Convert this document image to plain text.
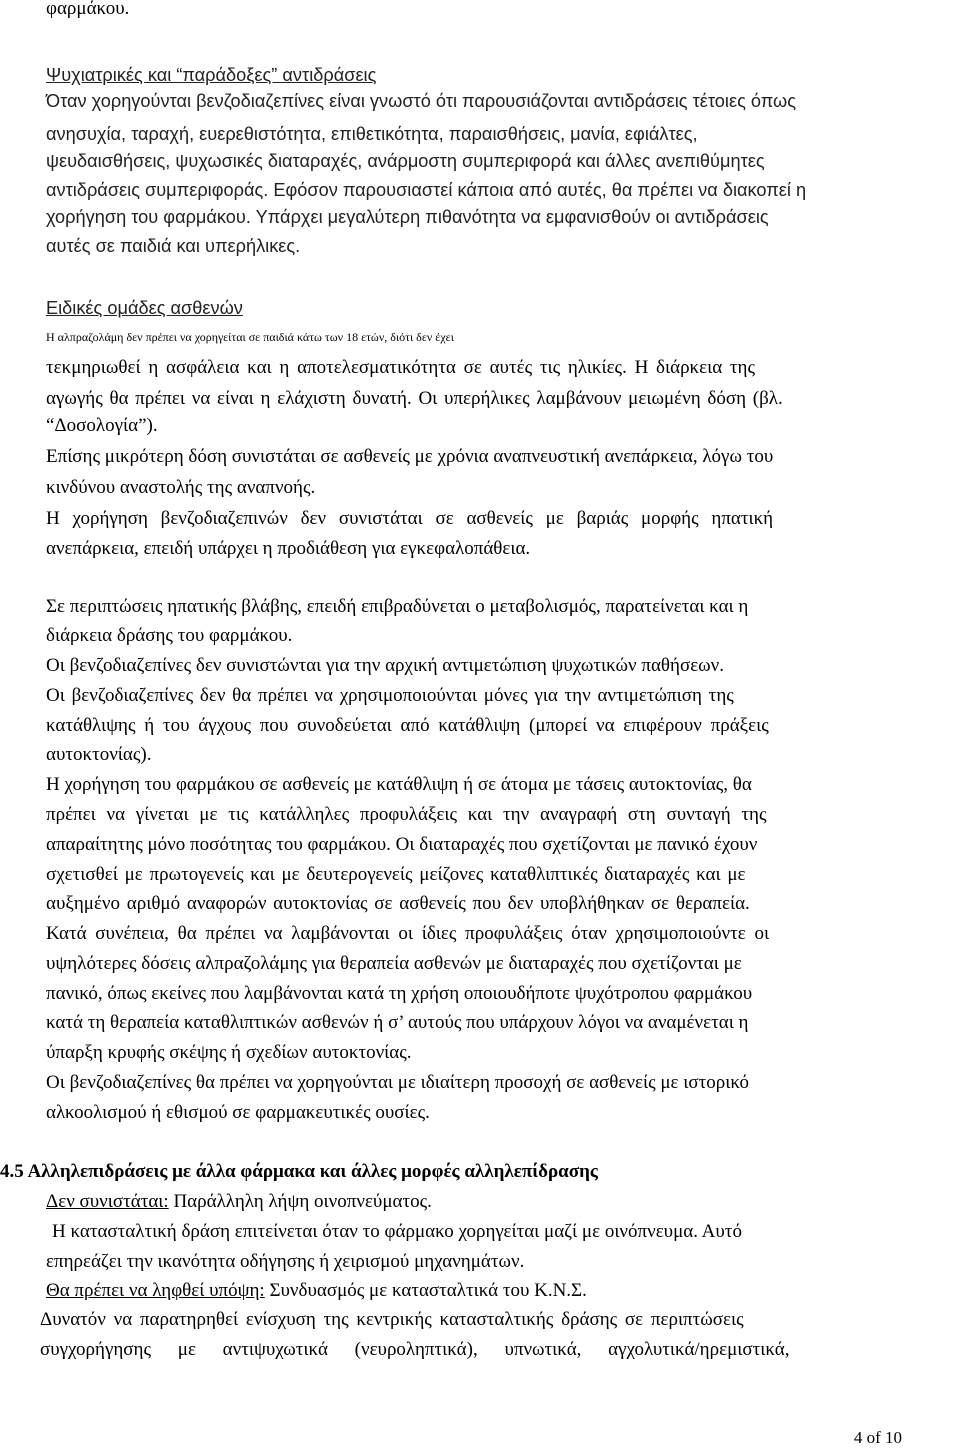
φαρμάκου.
Ψυχιατρικές και “παράδοξες” αντιδράσεις
Όταν χορηγούνται βενζοδιαζεπίνες είναι γνωστό ότι παρουσιάζονται αντιδράσεις τέτοιες όπως
ανησυχία, ταραχή, ευερεθιστότητα, επιθετικότητα, παραισθήσεις, μανία, εφιάλτες,
ψευδαισθήσεις, ψυχωσικές διαταραχές, ανάρμοστη συμπεριφορά και άλλες ανεπιθύμητες
αντιδράσεις συμπεριφοράς. Εφόσον παρουσιαστεί κάποια από αυτές, θα πρέπει να διακοπεί η
χορήγηση του φαρμάκου. Υπάρχει μεγαλύτερη πιθανότητα να εμφανισθούν οι αντιδράσεις
αυτές σε παιδιά και υπερήλικες.
Ειδικές ομάδες ασθενών
Η αλπραζολάμη δεν πρέπει να χορηγείται σε παιδιά κάτω των 18 ετών, διότι δεν έχει
τεκμηριωθεί η ασφάλεια και η αποτελεσματικότητα σε αυτές τις ηλικίες. Η διάρκεια της
αγωγής θα πρέπει να είναι η ελάχιστη δυνατή. Οι υπερήλικες λαμβάνουν μειωμένη δόση (βλ.
“Δοσολογία”).
Επίσης μικρότερη δόση συνιστάται σε ασθενείς με χρόνια αναπνευστική ανεπάρκεια, λόγω του
κινδύνου αναστολής της αναπνοής.
Η χορήγηση βενζοδιαζεπινών δεν συνιστάται σε ασθενείς με βαριάς μορφής ηπατική
ανεπάρκεια, επειδή υπάρχει η προδιάθεση για εγκεφαλοπάθεια.
Σε περιπτώσεις ηπατικής βλάβης, επειδή επιβραδύνεται ο μεταβολισμός, παρατείνεται και η
διάρκεια δράσης του φαρμάκου.
Οι βενζοδιαζεπίνες δεν συνιστώνται για την αρχική αντιμετώπιση ψυχωτικών παθήσεων.
Οι βενζοδιαζεπίνες δεν θα πρέπει να χρησιμοποιούνται μόνες για την αντιμετώπιση της
κατάθλιψης ή του άγχους που συνοδεύεται από κατάθλιψη (μπορεί να επιφέρουν πράξεις
αυτοκτονίας).
Η χορήγηση του φαρμάκου σε ασθενείς με κατάθλιψη ή σε άτομα με τάσεις αυτοκτονίας, θα
πρέπει να γίνεται με τις κατάλληλες προφυλάξεις και την αναγραφή στη συνταγή της
απαραίτητης μόνο ποσότητας του φαρμάκου. Οι διαταραχές που σχετίζονται με πανικό έχουν
σχετισθεί με πρωτογενείς και με δευτερογενείς μείζονες καταθλιπτικές διαταραχές και με
αυξημένο αριθμό αναφορών αυτοκτονίας σε ασθενείς που δεν υποβλήθηκαν σε θεραπεία.
Κατά συνέπεια, θα πρέπει να λαμβάνονται οι ίδιες προφυλάξεις όταν χρησιμοποιούντε οι
υψηλότερες δόσεις αλπραζολάμης για θεραπεία ασθενών με διαταραχές που σχετίζονται με
πανικό, όπως εκείνες που λαμβάνονται κατά τη χρήση οποιουδήποτε ψυχότροπου φαρμάκου
κατά τη θεραπεία καταθλιπτικών ασθενών ή σ’ αυτούς που υπάρχουν λόγοι να αναμένεται η
ύπαρξη κρυφής σκέψης ή σχεδίων αυτοκτονίας.
Οι βενζοδιαζεπίνες θα πρέπει να χορηγούνται με ιδιαίτερη προσοχή σε ασθενείς με ιστορικό
αλκοολισμού ή εθισμού σε φαρμακευτικές ουσίες.
4.5 Αλληλεπιδράσεις με άλλα φάρμακα και άλλες μορφές αλληλεπίδρασης
Δεν συνιστάται: Παράλληλη λήψη οινοπνεύματος.
Η κατασταλτική δράση επιτείνεται όταν το φάρμακο χορηγείται μαζί με οινόπνευμα. Αυτό
επηρεάζει την ικανότητα οδήγησης ή χειρισμού μηχανημάτων.
Θα πρέπει να ληφθεί υπόψη: Συνδυασμός με κατασταλτικά του Κ.Ν.Σ.
Δυνατόν να παρατηρηθεί ενίσχυση της κεντρικής κατασταλτικής δράσης σε περιπτώσεις
συγχορήγησης με αντιψυχωτικά (νευροληπτικά), υπνωτικά, αγχολυτικά/ηρεμιστικά,
4 of 10
